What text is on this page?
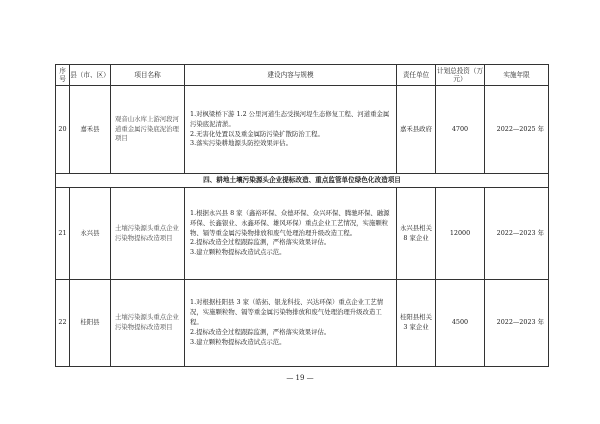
序号	县（市、区）	项目名称	建设内容与规模	责任单位	计划总投资（万元）	实施年限
20	嘉禾县	观音山水库上游河段河道重金属污染底泥治理项目	1.对枫梁桥下游 1.2 公里河道生态受损河堤生态修复工程、河道重金属污染底泥清淤。
2.无害化处置以及重金属防污染扩散防治工程。
3.落实污染耕地源头防控效果评估。	嘉禾县政府	4700	2022—2025 年
四、耕地土壤污染源头企业提标改造、重点监管单位绿色化改造项目						
21	永兴县	土壤污染源头重点企业污染物提标改造项目	1.根据永兴县 8 家（鑫裕环保、众德环保、众兴环保、腾驰环保、融源环保、长鑫银业、永鑫环保、雄风环保）重点企业工艺情况，实施颗粒物、镉等重金属污染物排放和废气处理治理升级改造工程。
2.提标改造全过程跟踪监测，严格落实效果评估。
3.建立颗粒物提标改造试点示范。	永兴县相关 8 家企业	12000	2022—2023 年
22	桂阳县	土壤污染源头重点企业污染物提标改造项目	1.对根据桂阳县 3 家（皓拓、银龙科技、兴达环保）重点企业工艺情况，实施颗粒物、镉等重金属污染物排放和废气处理治理升级改造工程。
2.提标改造全过程跟踪监测，严格落实效果评估。
3.建立颗粒物提标改造试点示范。	桂阳县相关 3 家企业	4500	2022—2023 年
— 19 —
